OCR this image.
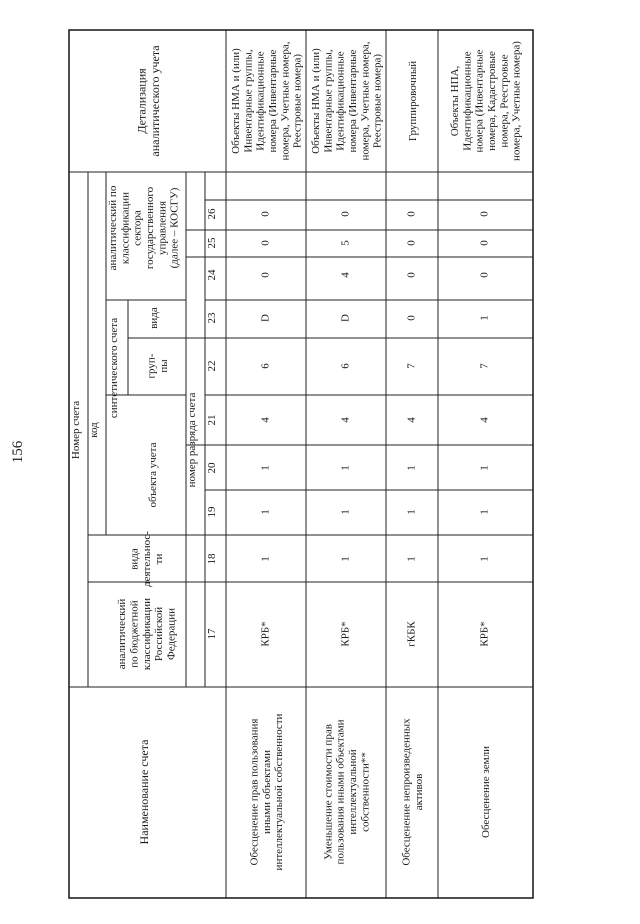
156
Наименование счета
Номер счета код
синтетического счета
объекта учета
вида
номер разряда счета
аналитический по бюджетной классификации Российской Федерации
вида деятельнос- ти
груп- пы
аналитический по классификации сектора государственного управления (далее – КОСГУ)
Детализация аналитического учета
17
18
19
20
21
22
23
24
25
26
Обесценение прав пользования иными объектами интеллектуальной собственности
КРБ*
1
1
1
4
6
D
0
0
0
Объекты НМА и (или) Инвентарные группы, Идентификационные номера (Инвентарные номера, Учетные номера, Реестровые номера)
Уменьшение стоимости прав пользования иными объектами интеллектуальной собственности**
КРБ*
1
1
1
4
6
D
4
5
0
Объекты НМА и (или) Инвентарные группы, Идентификационные номера (Инвентарные номера, Учетные номера, Реестровые номера)
Обесценение непроизведенных активов
гКБК
1
1
1
4
7
0
0
0
0
Группировочный
Обесценение земли
КРБ*
1
1
1
4
7
1
0
0
0
Объекты НПА, Идентификационные номера (Инвентарные номера, Кадастровые номера, Реестровые номера, Учетные номера)
